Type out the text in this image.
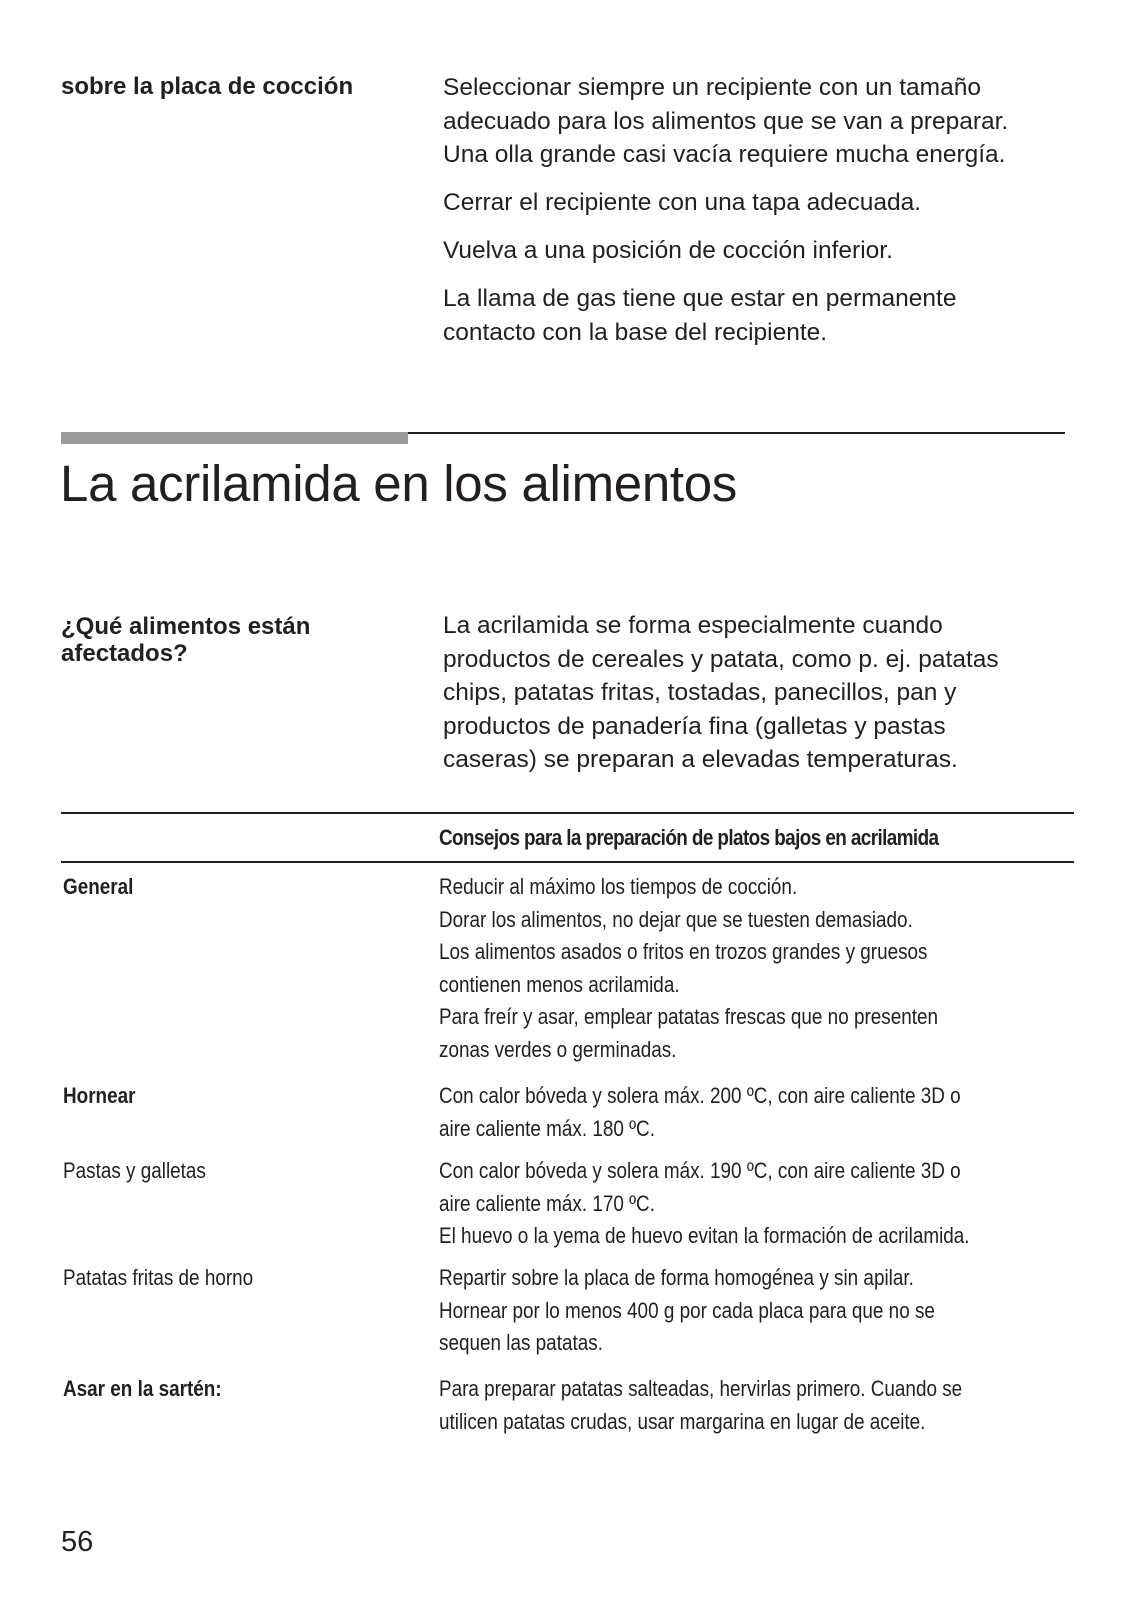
sobre la placa de cocción	Seleccionar siempre un recipiente con un tamaño
adecuado para los alimentos que se van a preparar.
Una olla grande casi vacía requiere mucha energía.
Cerrar el recipiente con una tapa adecuada.
Vuelva a una posición de cocción inferior.
La llama de gas tiene que estar en permanente
contacto con la base del recipiente.
La acrilamida en los alimentos
¿Qué alimentos están afectados?
La acrilamida se forma especialmente cuando
productos de cereales y patata, como p. ej. patatas
chips, patatas fritas, tostadas, panecillos, pan y
productos de panadería fina (galletas y pastas
caseras) se preparan a elevadas temperaturas.
Consejos para la preparación de platos bajos en acrilamida
General	Reducir al máximo los tiempos de cocción.
Dorar los alimentos, no dejar que se tuesten demasiado.
Los alimentos asados o fritos en trozos grandes y gruesos
contienen menos acrilamida.
Para freír y asar, emplear patatas frescas que no presenten
zonas verdes o germinadas.
Hornear	Con calor bóveda y solera máx. 200 ºC, con aire caliente 3D o
aire caliente máx. 180 ºC.
Pastas y galletas	Con calor bóveda y solera máx. 190 ºC, con aire caliente 3D o
aire caliente máx. 170 ºC.
El huevo o la yema de huevo evitan la formación de acrilamida.
Patatas fritas de horno	Repartir sobre la placa de forma homogénea y sin apilar.
Hornear por lo menos 400 g por cada placa para que no se
sequen las patatas.
Asar en la sartén:	Para preparar patatas salteadas, hervirlas primero. Cuando se
utilicen patatas crudas, usar margarina en lugar de aceite.
56
